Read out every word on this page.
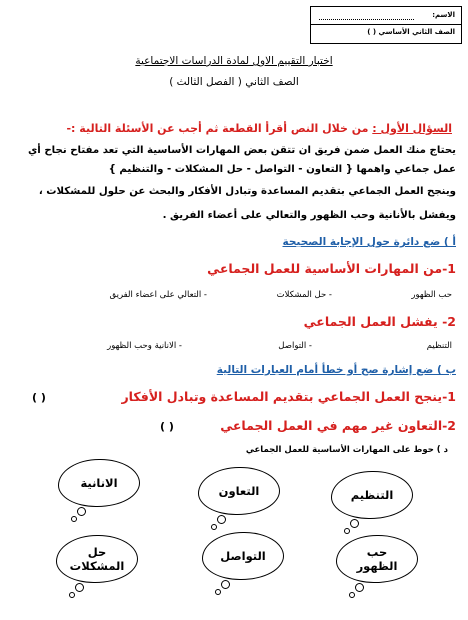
الاسم:
الصف الثاني الأساسي ( )
اختبار التقييم الاول لمادة الدراسات الاجتماعية
الصف الثاني ( الفصل الثالث )
السؤال الأول : من خلال النص أقرأ القطعة ثم أجب عن الأسئلة التالية :-
يحتاج منك العمل ضمن فريق ان تتقن بعض المهارات الأساسية التي تعد مفتاح نجاح أي
عمل جماعي واهمها { التعاون - التواصل - حل المشكلات - والتنظيم }
وينجح العمل الجماعي بتقديم المساعدة وتبادل الأفكار والبحث عن حلول للمشكلات ،
ويفشل بالأنانية وحب الظهور والتعالي على أعضاء الفريق .
أ ) ضع دائرة حول الإجابة الصحيحة
1-من المهارات الأساسية للعمل الجماعي
حب الظهور
- حل المشكلات
- التعالي على اعضاء الفريق
2- يفشل العمل الجماعي
التنظيم
- التواصل
- الانانية وحب الظهور
ب ) ضع إشارة صح أو خطأ أمام العبارات التالية
1-ينجح العمل الجماعي بتقديم المساعدة وتبادل الأفكار
( )
2-التعاون غير مهم في العمل الجماعي
( )
د ) حوط على المهارات الأساسية للعمل الجماعي
الانانية
التعاون	التنظيم
حل
المشكلات
التواصل	حب
الظهور
